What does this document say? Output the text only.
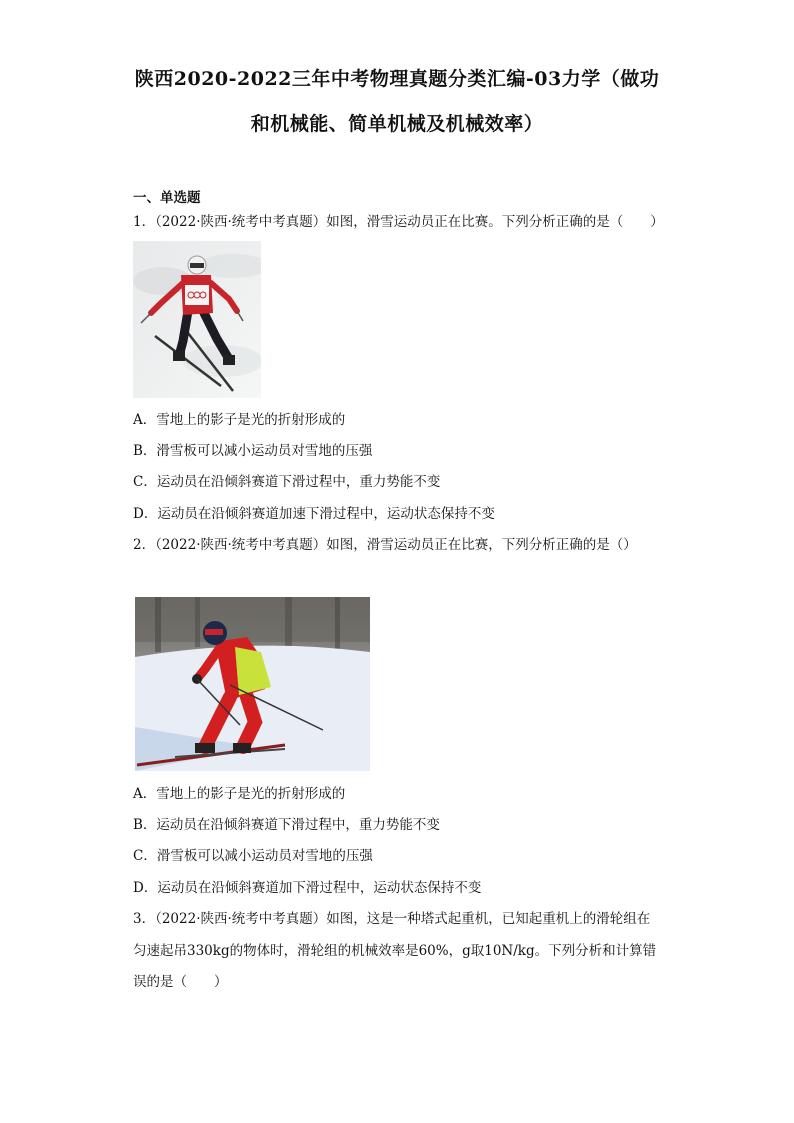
陕西2020-2022三年中考物理真题分类汇编-03力学（做功
和机械能、简单机械及机械效率）
一、单选题
1．（2022·陕西·统考中考真题）如图，滑雪运动员正在比赛。下列分析正确的是（　　）
A．雪地上的影子是光的折射形成的
B．滑雪板可以减小运动员对雪地的压强
C．运动员在沿倾斜赛道下滑过程中，重力势能不变
D．运动员在沿倾斜赛道加速下滑过程中，运动状态保持不变
2．（2022·陕西·统考中考真题）如图，滑雪运动员正在比赛，下列分析正确的是（）
A．雪地上的影子是光的折射形成的
B．运动员在沿倾斜赛道下滑过程中，重力势能不变
C．滑雪板可以减小运动员对雪地的压强
D．运动员在沿倾斜赛道加下滑过程中，运动状态保持不变
3．（2022·陕西·统考中考真题）如图，这是一种塔式起重机，已知起重机上的滑轮组在
匀速起吊330kg的物体时，滑轮组的机械效率是60%，g取10N/kg。下列分析和计算错
误的是（　　）
